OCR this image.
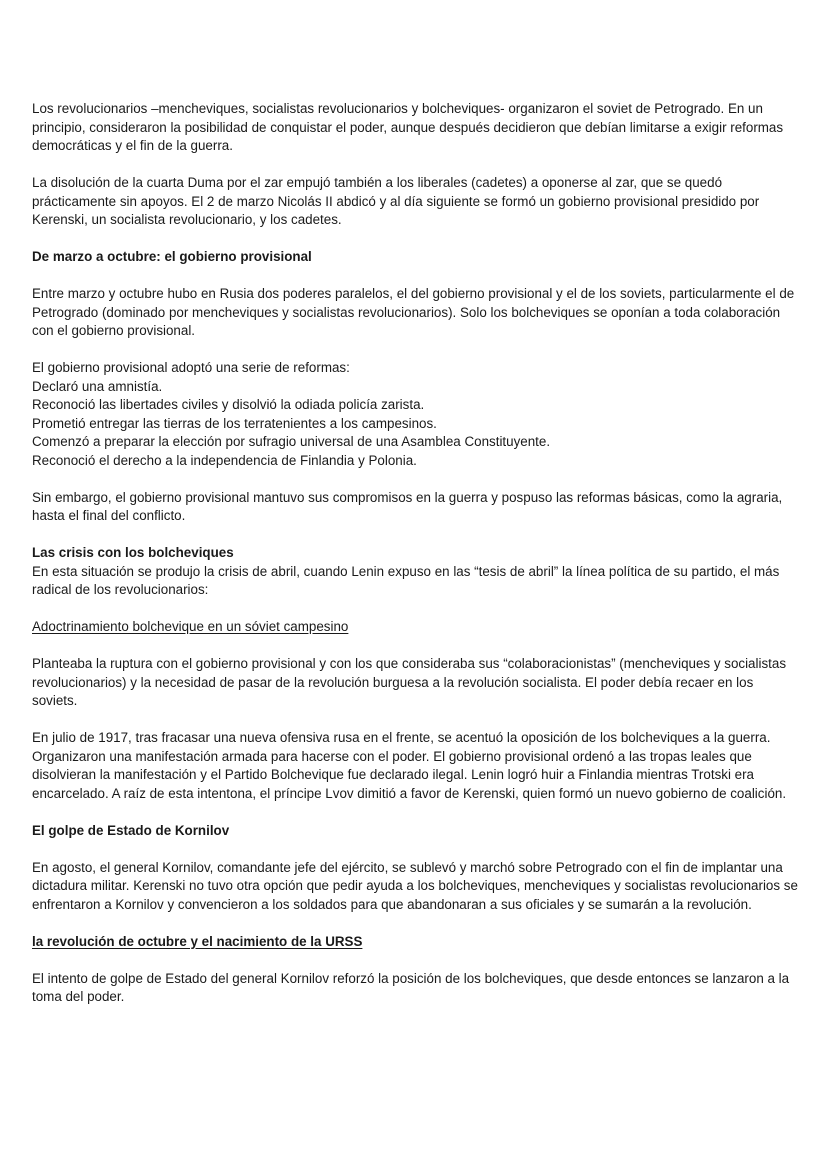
Los revolucionarios –mencheviques, socialistas revolucionarios y bolcheviques- organizaron el soviet de Petrogrado. En un principio, consideraron la posibilidad de conquistar el poder, aunque después decidieron que debían limitarse a exigir reformas democráticas y el fin de la guerra.

La disolución de la cuarta Duma por el zar empujó también a los liberales (cadetes) a oponerse al zar, que se quedó prácticamente sin apoyos. El 2 de marzo Nicolás II abdicó y al día siguiente se formó un gobierno provisional presidido por Kerenski, un socialista revolucionario, y los cadetes.

De marzo a octubre: el gobierno provisional

Entre marzo y octubre hubo en Rusia dos poderes paralelos, el del gobierno provisional y el de los soviets, particularmente el de Petrogrado (dominado por mencheviques y socialistas revolucionarios). Solo los bolcheviques se oponían a toda colaboración con el gobierno provisional.

El gobierno provisional adoptó una serie de reformas:
Declaró una amnistía.
Reconoció las libertades civiles y disolvió la odiada policía zarista.
Prometió entregar las tierras de los terratenientes a los campesinos.
Comenzó a preparar la elección por sufragio universal de una Asamblea Constituyente.
Reconoció el derecho a la independencia de Finlandia y Polonia.

Sin embargo, el gobierno provisional mantuvo sus compromisos en la guerra y pospuso las reformas básicas, como la agraria, hasta el final del conflicto.

Las crisis con los bolcheviques

En esta situación se produjo la crisis de abril, cuando Lenin expuso en las “tesis de abril” la línea política de su partido, el más radical de los revolucionarios:

Adoctrinamiento bolchevique en un sóviet campesino

Planteaba la ruptura con el gobierno provisional y con los que consideraba sus “colaboracionistas” (mencheviques y socialistas revolucionarios) y la necesidad de pasar de la revolución burguesa a la revolución socialista. El poder debía recaer en los soviets.

En julio de 1917, tras fracasar una nueva ofensiva rusa en el frente, se acentuó la oposición de los bolcheviques a la guerra. Organizaron una manifestación armada para hacerse con el poder. El gobierno provisional ordenó a las tropas leales que disolvieran la manifestación y el Partido Bolchevique fue declarado ilegal. Lenin logró huir a Finlandia mientras Trotski era encarcelado. A raíz de esta intentona, el príncipe Lvov dimitió a favor de Kerenski, quien formó un nuevo gobierno de coalición.

El golpe de Estado de Kornilov

En agosto, el general Kornilov, comandante jefe del ejército, se sublevó y marchó sobre Petrogrado con el fin de implantar una dictadura militar. Kerenski no tuvo otra opción que pedir ayuda a los bolcheviques, mencheviques y socialistas revolucionarios se enfrentaron a Kornilov y convencieron a los soldados para que abandonaran a sus oficiales y se sumarán a la revolución.

la revolución de octubre y el nacimiento de la URSS

El intento de golpe de Estado del general Kornilov reforzó la posición de los bolcheviques, que desde entonces se lanzaron a la toma del poder.
